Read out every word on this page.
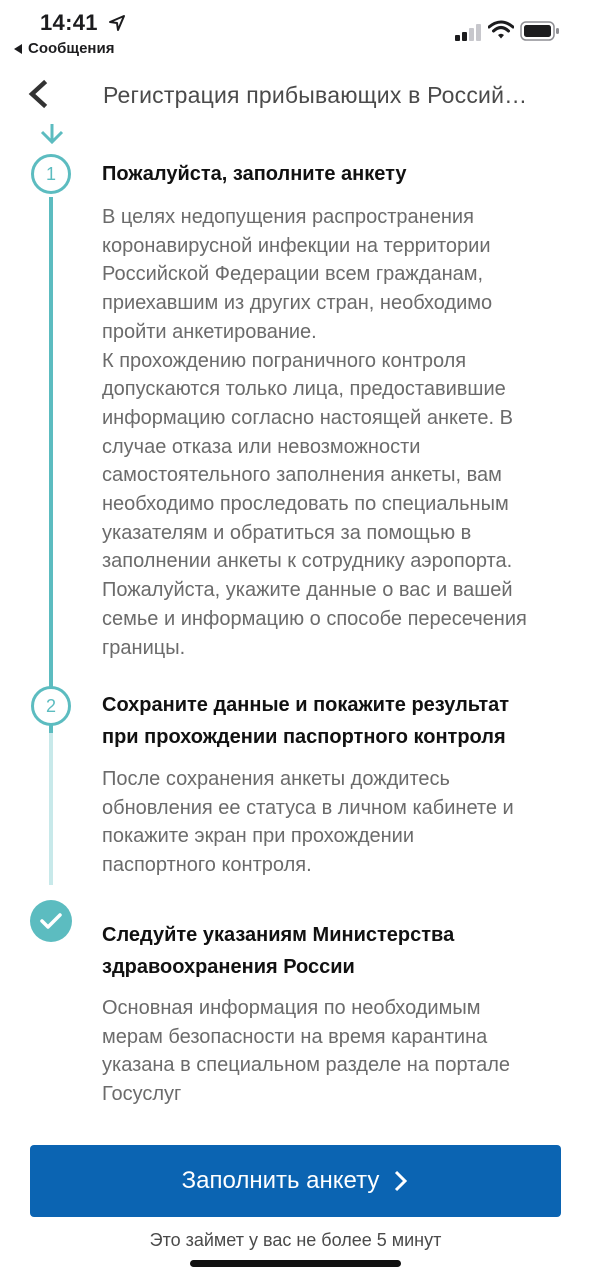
14:41
Сообщения
Регистрация прибывающих в Россий…
1
2
Пожалуйста, заполните анкету
В целях недопущения распространения
коронавирусной инфекции на территории
Российской Федерации всем гражданам,
приехавшим из других стран, необходимо
пройти анкетирование.
К прохождению пограничного контроля
допускаются только лица, предоставившие
информацию согласно настоящей анкете. В
случае отказа или невозможности
самостоятельного заполнения анкеты, вам
необходимо проследовать по специальным
указателям и обратиться за помощью в
заполнении анкеты к сотруднику аэропорта.
Пожалуйста, укажите данные о вас и вашей
семье и информацию о способе пересечения
границы.
Сохраните данные и покажите результат
при прохождении паспортного контроля
После сохранения анкеты дождитесь
обновления ее статуса в личном кабинете и
покажите экран при прохождении
паспортного контроля.
Следуйте указаниям Министерства
здравоохранения России
Основная информация по необходимым
мерам безопасности на время карантина
указана в специальном разделе на портале
Госуслуг
Заполнить анкету
Это займет у вас не более 5 минут
